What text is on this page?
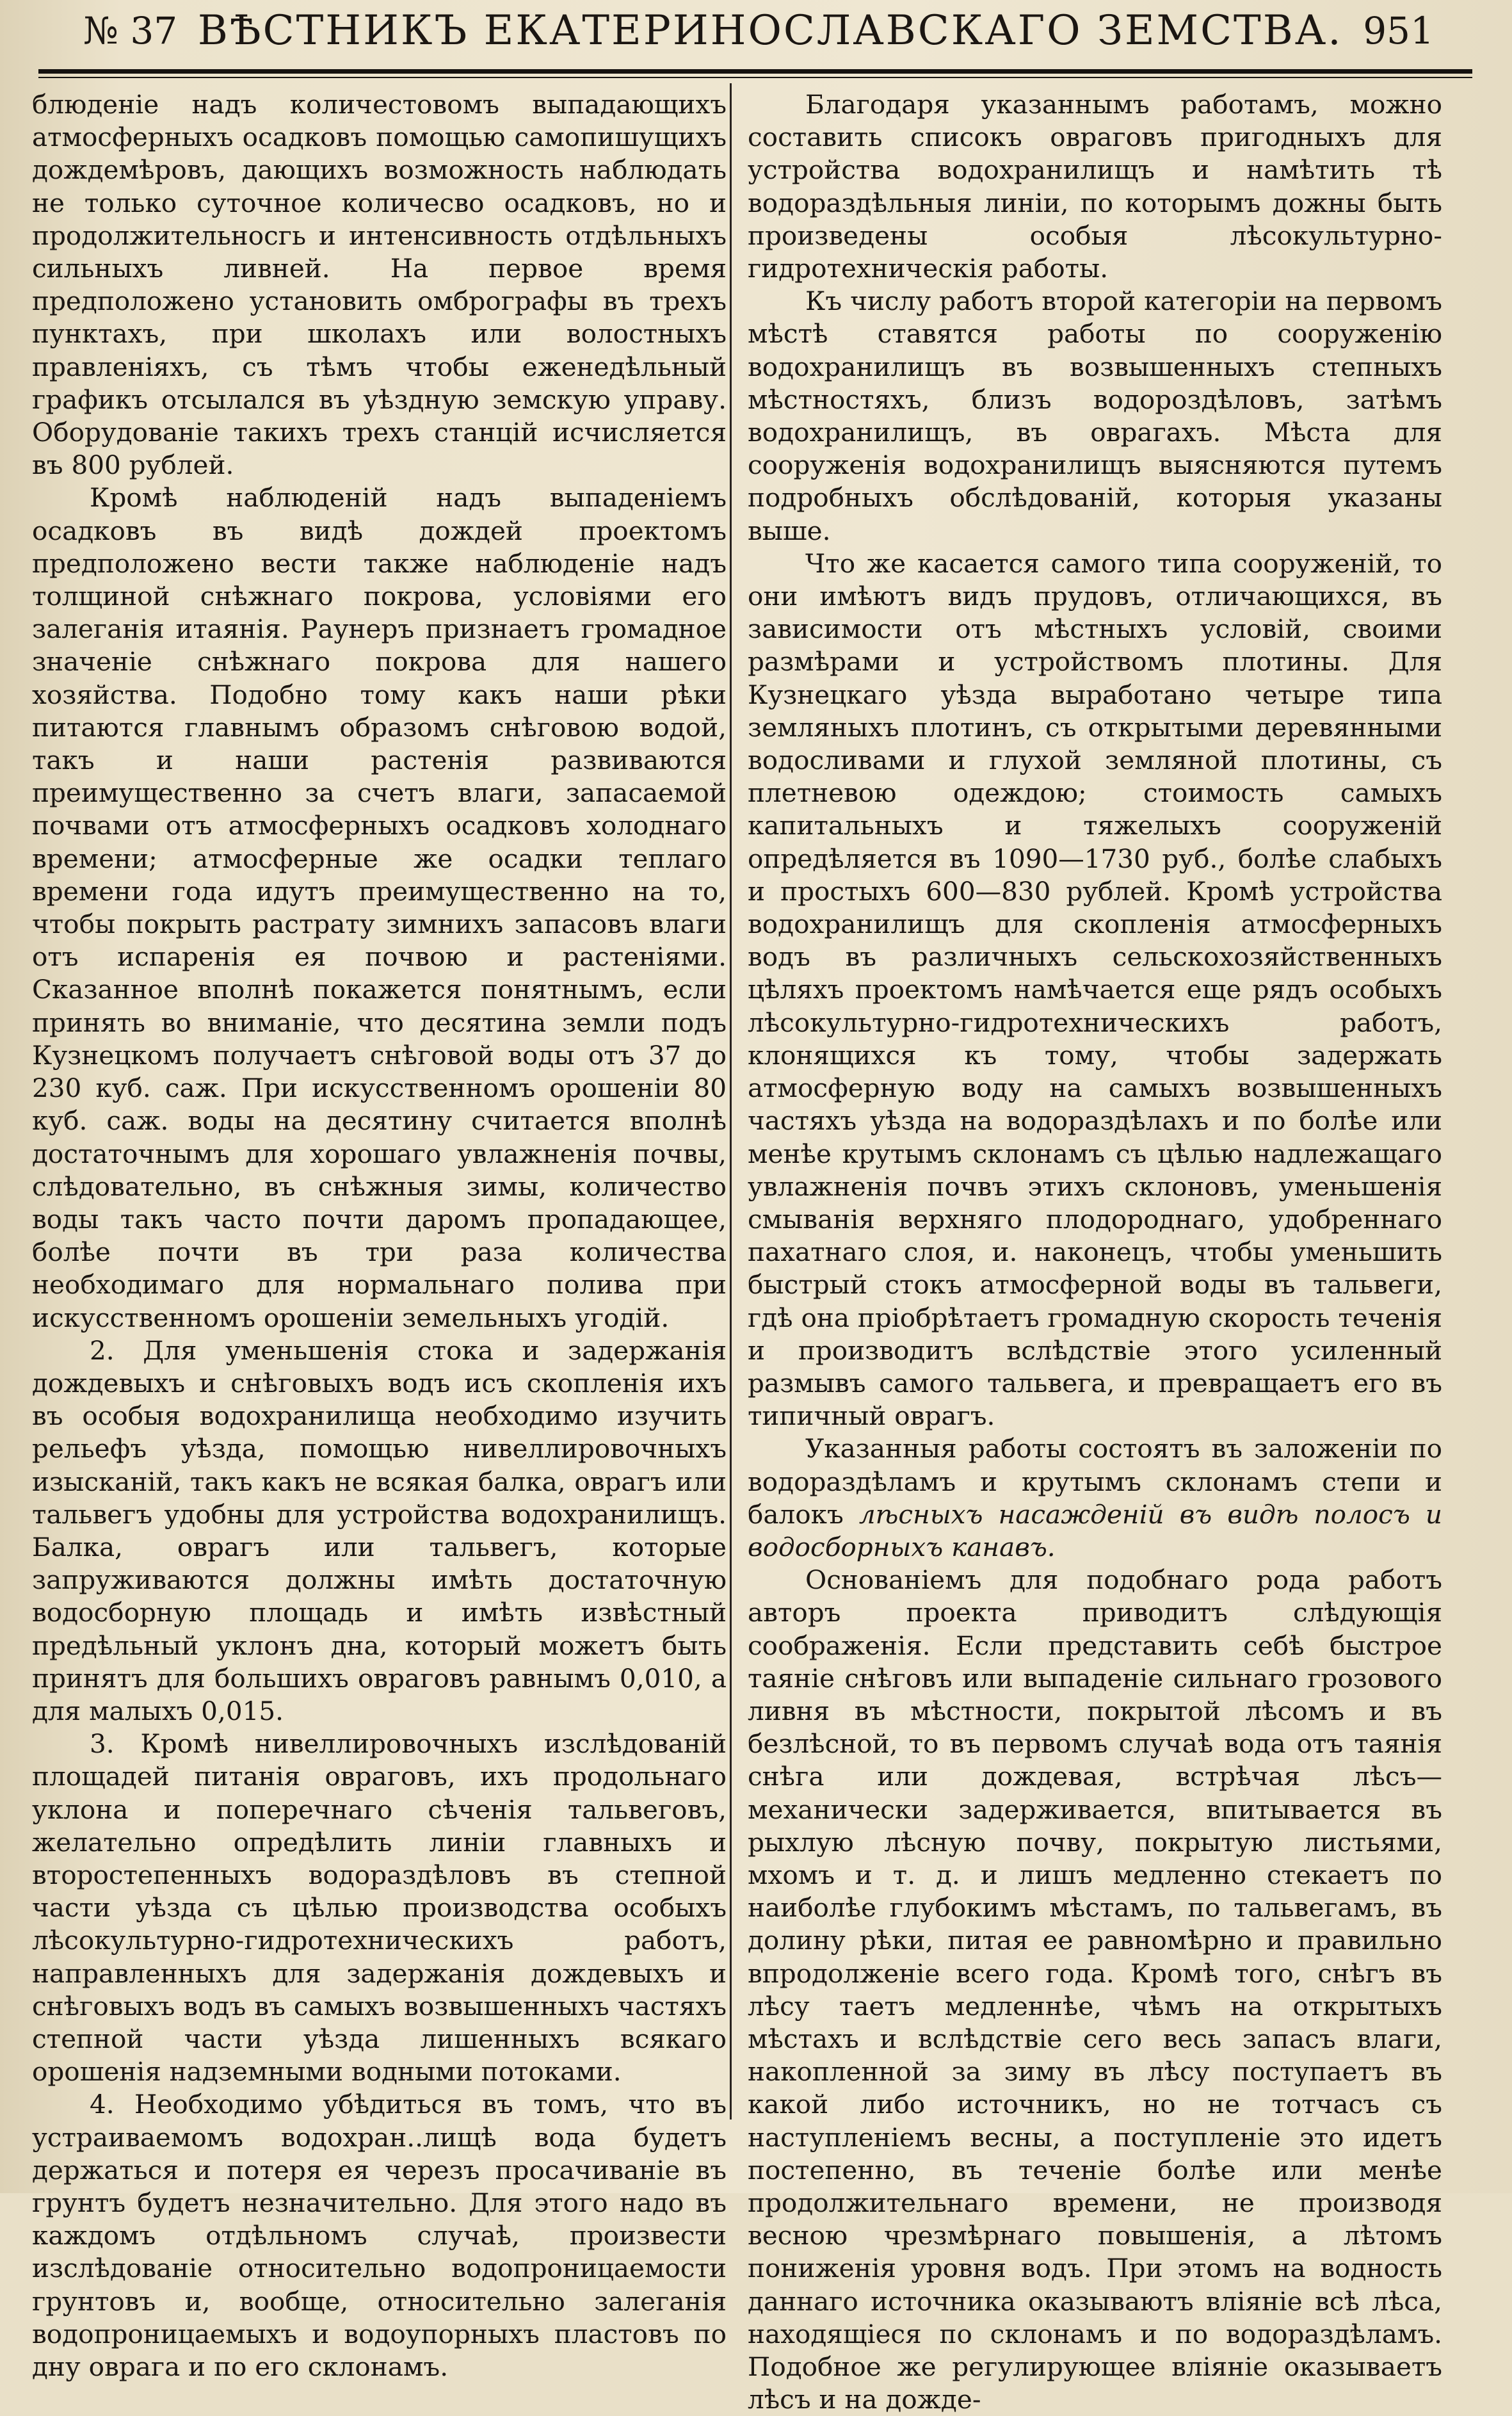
№ 37 ВѢСТНИКЪ ЕКАТЕРИНОСЛАВСКАГО ЗЕМСТВА. 951

блюденіе надъ количестовомъ выпадающихъ атмосферныхъ осадковъ помощью самопишущихъ дождемѣровъ, дающихъ возможность наблюдать не только суточное количесво осадковъ, но и продолжительносгь и интенсивность отдѣльныхъ сильныхъ ливней. На первое время предположено установить омбрографы въ трехъ пунктахъ, при школахъ или волостныхъ правленіяхъ, съ тѣмъ чтобы еженедѣльный графикъ отсылался въ уѣздную земскую управу. Оборудованіе такихъ трехъ станцій исчисляется въ 800 рублей.

Кромѣ наблюденій надъ выпаденіемъ осадковъ въ видѣ дождей проектомъ предположено вести также наблюденіе надъ толщиной снѣжнаго покрова, условіями его залеганія итаянія. Раунеръ признаетъ громадное значеніе снѣжнаго покрова для нашего хозяйства. Подобно тому какъ наши рѣки питаются главнымъ образомъ снѣговою водой, такъ и наши растенія развиваются преимущественно за счетъ влаги, запасаемой почвами отъ атмосферныхъ осадковъ холоднаго времени; атмосферные же осадки теплаго времени года идутъ преимущественно на то, чтобы покрыть растрату зимнихъ запасовъ влаги отъ испаренія ея почвою и растеніями. Сказанное вполнѣ покажется понятнымъ, если принять во вниманіе, что десятина земли подъ Кузнецкомъ получаетъ снѣговой воды отъ 37 до 230 куб. саж. При искусственномъ орошеніи 80 куб. саж. воды на десятину считается вполнѣ достаточнымъ для хорошаго увлажненія почвы, слѣдовательно, въ снѣжныя зимы, количество воды такъ часто почти даромъ пропадающее, болѣе почти въ три раза количества необходимаго для нормальнаго полива при искусственномъ орошеніи земельныхъ угодій.

2. Для уменьшенія стока и задержанія дождевыхъ и снѣговыхъ водъ исъ скопленія ихъ въ особыя водохранилища необходимо изучить рельефъ уѣзда, помощью нивеллировочныхъ изысканій, такъ какъ не всякая балка, оврагъ или тальвегъ удобны для устройства водохранилищъ. Балка, оврагъ или тальвегъ, которые запруживаются должны имѣть достаточную водосборную площадь и имѣть извѣстный предѣльный уклонъ дна, который можетъ быть принятъ для большихъ овраговъ равнымъ 0,010, а для малыхъ 0,015.

3. Кромѣ нивеллировочныхъ изслѣдованій площадей питанія овраговъ, ихъ продольнаго уклона и поперечнаго сѣченія тальвеговъ, желательно опредѣлить линіи главныхъ и второстепенныхъ водораздѣловъ въ степной части уѣзда съ цѣлью производства особыхъ лѣсокультурно-гидротехническихъ работъ, направленныхъ для задержанія дождевыхъ и снѣговыхъ водъ въ самыхъ возвышенныхъ частяхъ степной части уѣзда лишенныхъ всякаго орошенія надземными водными потоками.

4. Необходимо убѣдиться въ томъ, что въ устраиваемомъ водохран..лищѣ вода будетъ держаться и потеря ея черезъ просачиваніе въ грунтъ будетъ незначительно. Для этого надо въ каждомъ отдѣльномъ случаѣ, произвести изслѣдованіе относительно водопроницаемости грунтовъ и, вообще, относительно залеганія водопроницаемыхъ и водоупорныхъ пластовъ по дну оврага и по его склонамъ.

Благодаря указаннымъ работамъ, можно составить списокъ овраговъ пригодныхъ для устройства водохранилищъ и намѣтить тѣ водораздѣльныя линіи, по которымъ дожны быть произведены особыя лѣсокультурно-гидротехническія работы.

Къ числу работъ второй категоріи на первомъ мѣстѣ ставятся работы по сооруженію водохранилищъ въ возвышенныхъ степныхъ мѣстностяхъ, близъ водороздѣловъ, затѣмъ водохранилищъ, въ оврагахъ. Мѣста для сооруженія водохранилищъ выясняются путемъ подробныхъ обслѣдованій, которыя указаны выше.

Что же касается самого типа сооруженій, то они имѣютъ видъ прудовъ, отличающихся, въ зависимости отъ мѣстныхъ условій, своими размѣрами и устройствомъ плотины. Для Кузнецкаго уѣзда выработано четыре типа земляныхъ плотинъ, съ открытыми деревянными водосливами и глухой земляной плотины, съ плетневою одеждою; стоимость самыхъ капитальныхъ и тяжелыхъ сооруженій опредѣляется въ 1090—1730 руб., болѣе слабыхъ и простыхъ 600—830 рублей. Кромѣ устройства водохранилищъ для скопленія атмосферныхъ водъ въ различныхъ сельскохозяйственныхъ цѣляхъ проектомъ намѣчается еще рядъ особыхъ лѣсокультурно-гидротехническихъ работъ, клонящихся къ тому, чтобы задержать атмосферную воду на самыхъ возвышенныхъ частяхъ уѣзда на водораздѣлахъ и по болѣе или менѣе крутымъ склонамъ съ цѣлью надлежащаго увлажненія почвъ этихъ склоновъ, уменьшенія смыванія верхняго плодороднаго, удобреннаго пахатнаго слоя, и. наконецъ, чтобы уменьшить быстрый стокъ атмосферной воды въ тальвеги, гдѣ она пріобрѣтаетъ громадную скорость теченія и производитъ вслѣдствіе этого усиленный размывъ самого тальвега, и превращаетъ его въ типичный оврагъ.

Указанныя работы состоятъ въ заложеніи по водораздѣламъ и крутымъ склонамъ степи и балокъ лѣсныхъ насажденій въ видѣ полосъ и водосборныхъ канавъ.

Основаніемъ для подобнаго рода работъ авторъ проекта приводитъ слѣдующія соображенія. Если представить себѣ быстрое таяніе снѣговъ или выпаденіе сильнаго грозового ливня въ мѣстности, покрытой лѣсомъ и въ безлѣсной, то въ первомъ случаѣ вода отъ таянія снѣга или дождевая, встрѣчая лѣсъ—механически задерживается, впитывается въ рыхлую лѣсную почву, покрытую листьями, мхомъ и т. д. и лишъ медленно стекаетъ по наиболѣе глубокимъ мѣстамъ, по тальвегамъ, въ долину рѣки, питая ее равномѣрно и правильно впродолженіе всего года. Кромѣ того, снѣгъ въ лѣсу таетъ медленнѣе, чѣмъ на открытыхъ мѣстахъ и вслѣдствіе сего весь запасъ влаги, накопленной за зиму въ лѣсу поступаетъ въ какой либо источникъ, но не тотчасъ съ наступленіемъ весны, а поступленіе это идетъ постепенно, въ теченіе болѣе или менѣе продолжительнаго времени, не производя весною чрезмѣрнаго повышенія, а лѣтомъ пониженія уровня водъ. При этомъ на водность даннаго источника оказываютъ вліяніе всѣ лѣса, находящіеся по склонамъ и по водораздѣламъ. Подобное же регулирующее вліяніе оказываетъ лѣсъ и на дожде-
